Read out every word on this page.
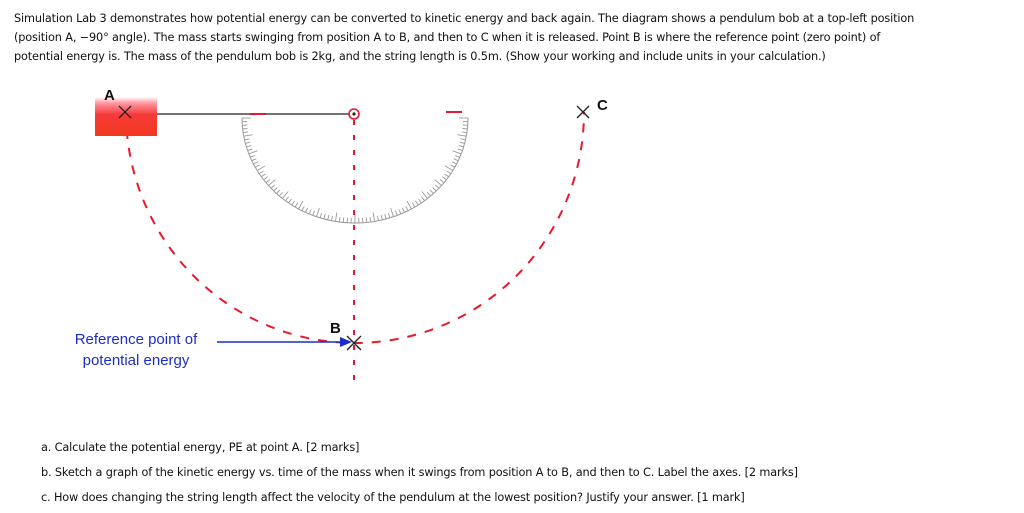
Simulation Lab 3 demonstrates how potential energy can be converted to kinetic energy and back again. The diagram shows a pendulum bob at a top-left position

(position A, −90° angle). The mass starts swinging from position A to B, and then to C when it is released. Point B is where the reference point (zero point) of

potential energy is. The mass of the pendulum bob is 2kg, and the string length is 0.5m. (Show your working and include units in your calculation.)

A
B
C
Reference point of
potential energy

a. Calculate the potential energy, PE at point A. [2 marks]

b. Sketch a graph of the kinetic energy vs. time of the mass when it swings from position A to B, and then to C. Label the axes. [2 marks]

c. How does changing the string length affect the velocity of the pendulum at the lowest position? Justify your answer. [1 mark]
